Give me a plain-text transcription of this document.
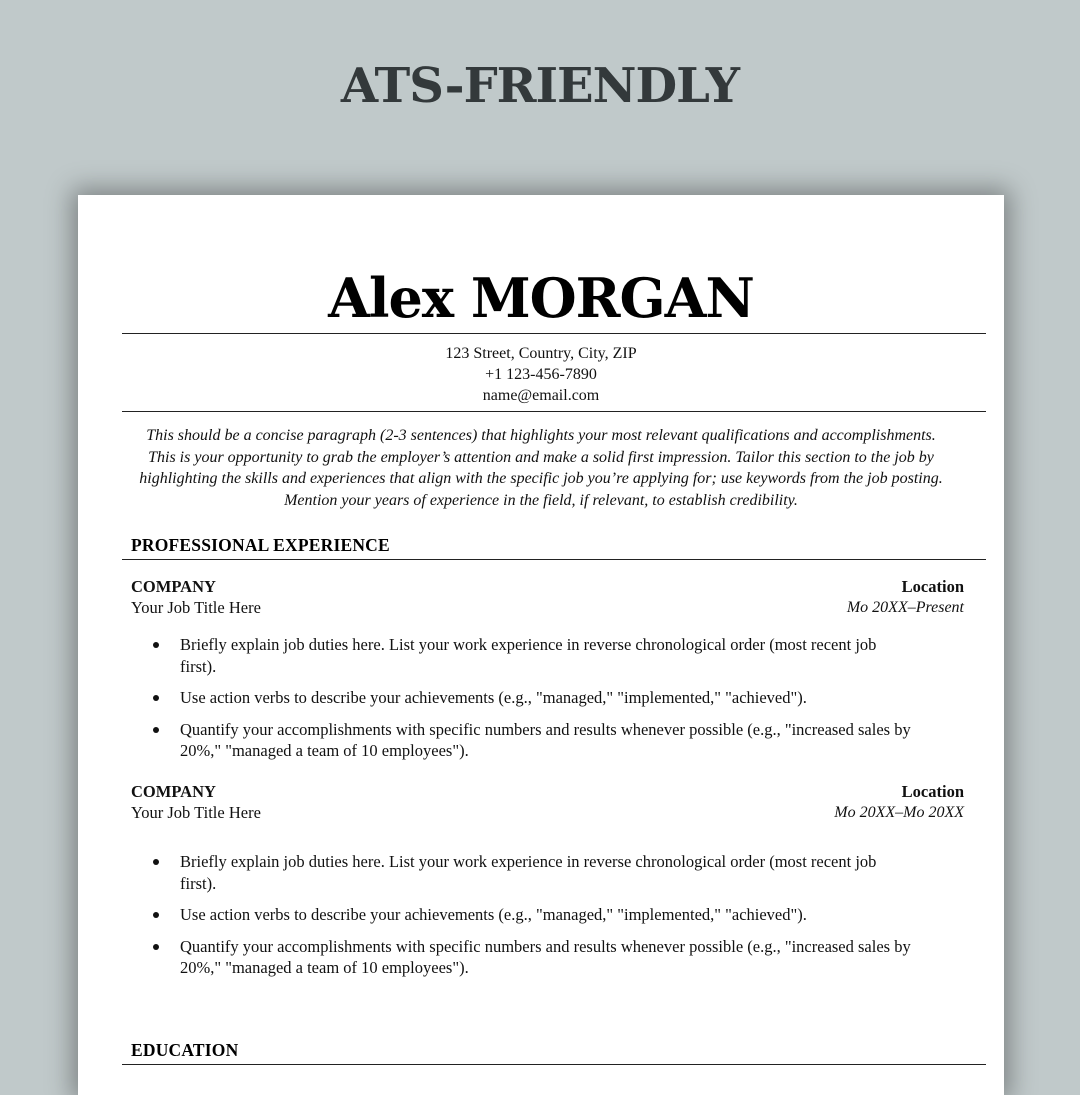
ATS-FRIENDLY
Alex MORGAN
123 Street, Country, City, ZIP
+1 123-456-7890
name@email.com
This should be a concise paragraph (2-3 sentences) that highlights your most relevant qualifications and accomplishments. This is your opportunity to grab the employer’s attention and make a solid first impression. Tailor this section to the job by highlighting the skills and experiences that align with the specific job you’re applying for; use keywords from the job posting. Mention your years of experience in the field, if relevant, to establish credibility.
PROFESSIONAL EXPERIENCE
COMPANY	Location
Your Job Title Here	Mo 20XX–Present
Briefly explain job duties here. List your work experience in reverse chronological order (most recent job first).
Use action verbs to describe your achievements (e.g., "managed," "implemented," "achieved").
Quantify your accomplishments with specific numbers and results whenever possible (e.g., "increased sales by 20%," "managed a team of 10 employees").
COMPANY	Location
Your Job Title Here	Mo 20XX–Mo 20XX
Briefly explain job duties here. List your work experience in reverse chronological order (most recent job first).
Use action verbs to describe your achievements (e.g., "managed," "implemented," "achieved").
Quantify your accomplishments with specific numbers and results whenever possible (e.g., "increased sales by 20%," "managed a team of 10 employees").
EDUCATION
